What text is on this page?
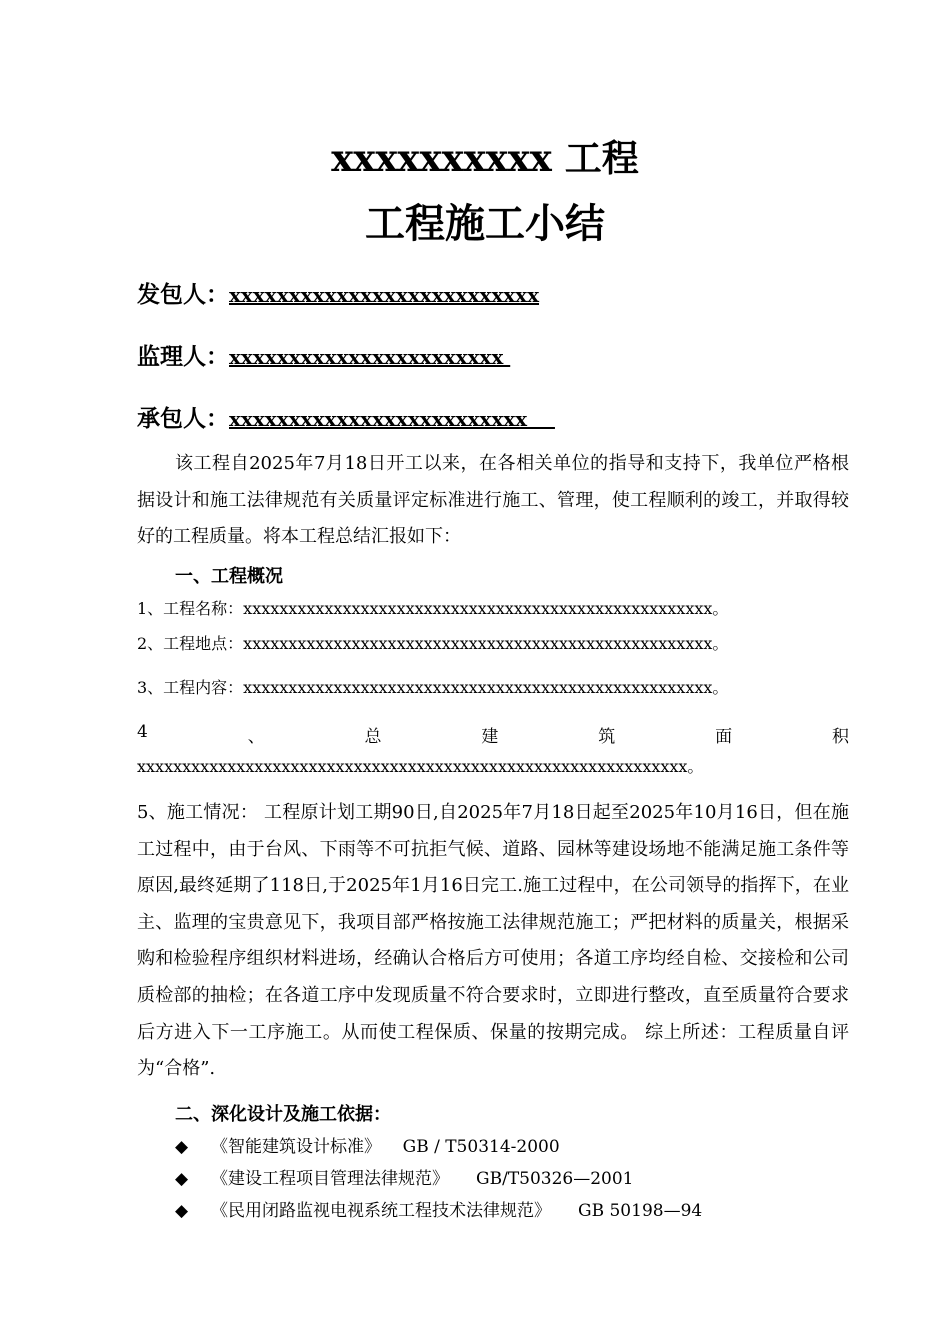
xxxxxxxxxx 工程
工程施工小结
发包人：xxxxxxxxxxxxxxxxxxxxxxxxxx
监理人：xxxxxxxxxxxxxxxxxxxxxxx
承包人：xxxxxxxxxxxxxxxxxxxxxxxxx
该工程自2025年7月18日开工以来，在各相关单位的指导和支持下，我单位严格根据设计和施工法律规范有关质量评定标准进行施工、管理，使工程顺利的竣工，并取得较好的工程质量。将本工程总结汇报如下：
一、工程概况
1、工程名称：xxxxxxxxxxxxxxxxxxxxxxxxxxxxxxxxxxxxxxxxxxxxxxxxxxxx。
2、工程地点：xxxxxxxxxxxxxxxxxxxxxxxxxxxxxxxxxxxxxxxxxxxxxxxxxxxx。
3、工程内容：xxxxxxxxxxxxxxxxxxxxxxxxxxxxxxxxxxxxxxxxxxxxxxxxxxxx。
4	、	总	建	筑	面	积
xxxxxxxxxxxxxxxxxxxxxxxxxxxxxxxxxxxxxxxxxxxxxxxxxxxxxxxxxxxxx。
5、施工情况： 工程原计划工期90日,自2025年7月18日起至2025年10月16日，但在施工过程中，由于台风、下雨等不可抗拒气候、道路、园林等建设场地不能满足施工条件等原因,最终延期了118日,于2025年1月16日完工.施工过程中，在公司领导的指挥下，在业主、监理的宝贵意见下，我项目部严格按施工法律规范施工；严把材料的质量关，根据采购和检验程序组织材料进场，经确认合格后方可使用；各道工序均经自检、交接检和公司质检部的抽检；在各道工序中发现质量不符合要求时，立即进行整改，直至质量符合要求后方进入下一工序施工。从而使工程保质、保量的按期完成。 综上所述：工程质量自评为“合格”.
二、深化设计及施工依据：
◆ 《智能建筑设计标准》    GB / T50314-2000
◆ 《建设工程项目管理法律规范》     GB/T50326—2001
◆ 《民用闭路监视电视系统工程技术法律规范》     GB 50198—94
